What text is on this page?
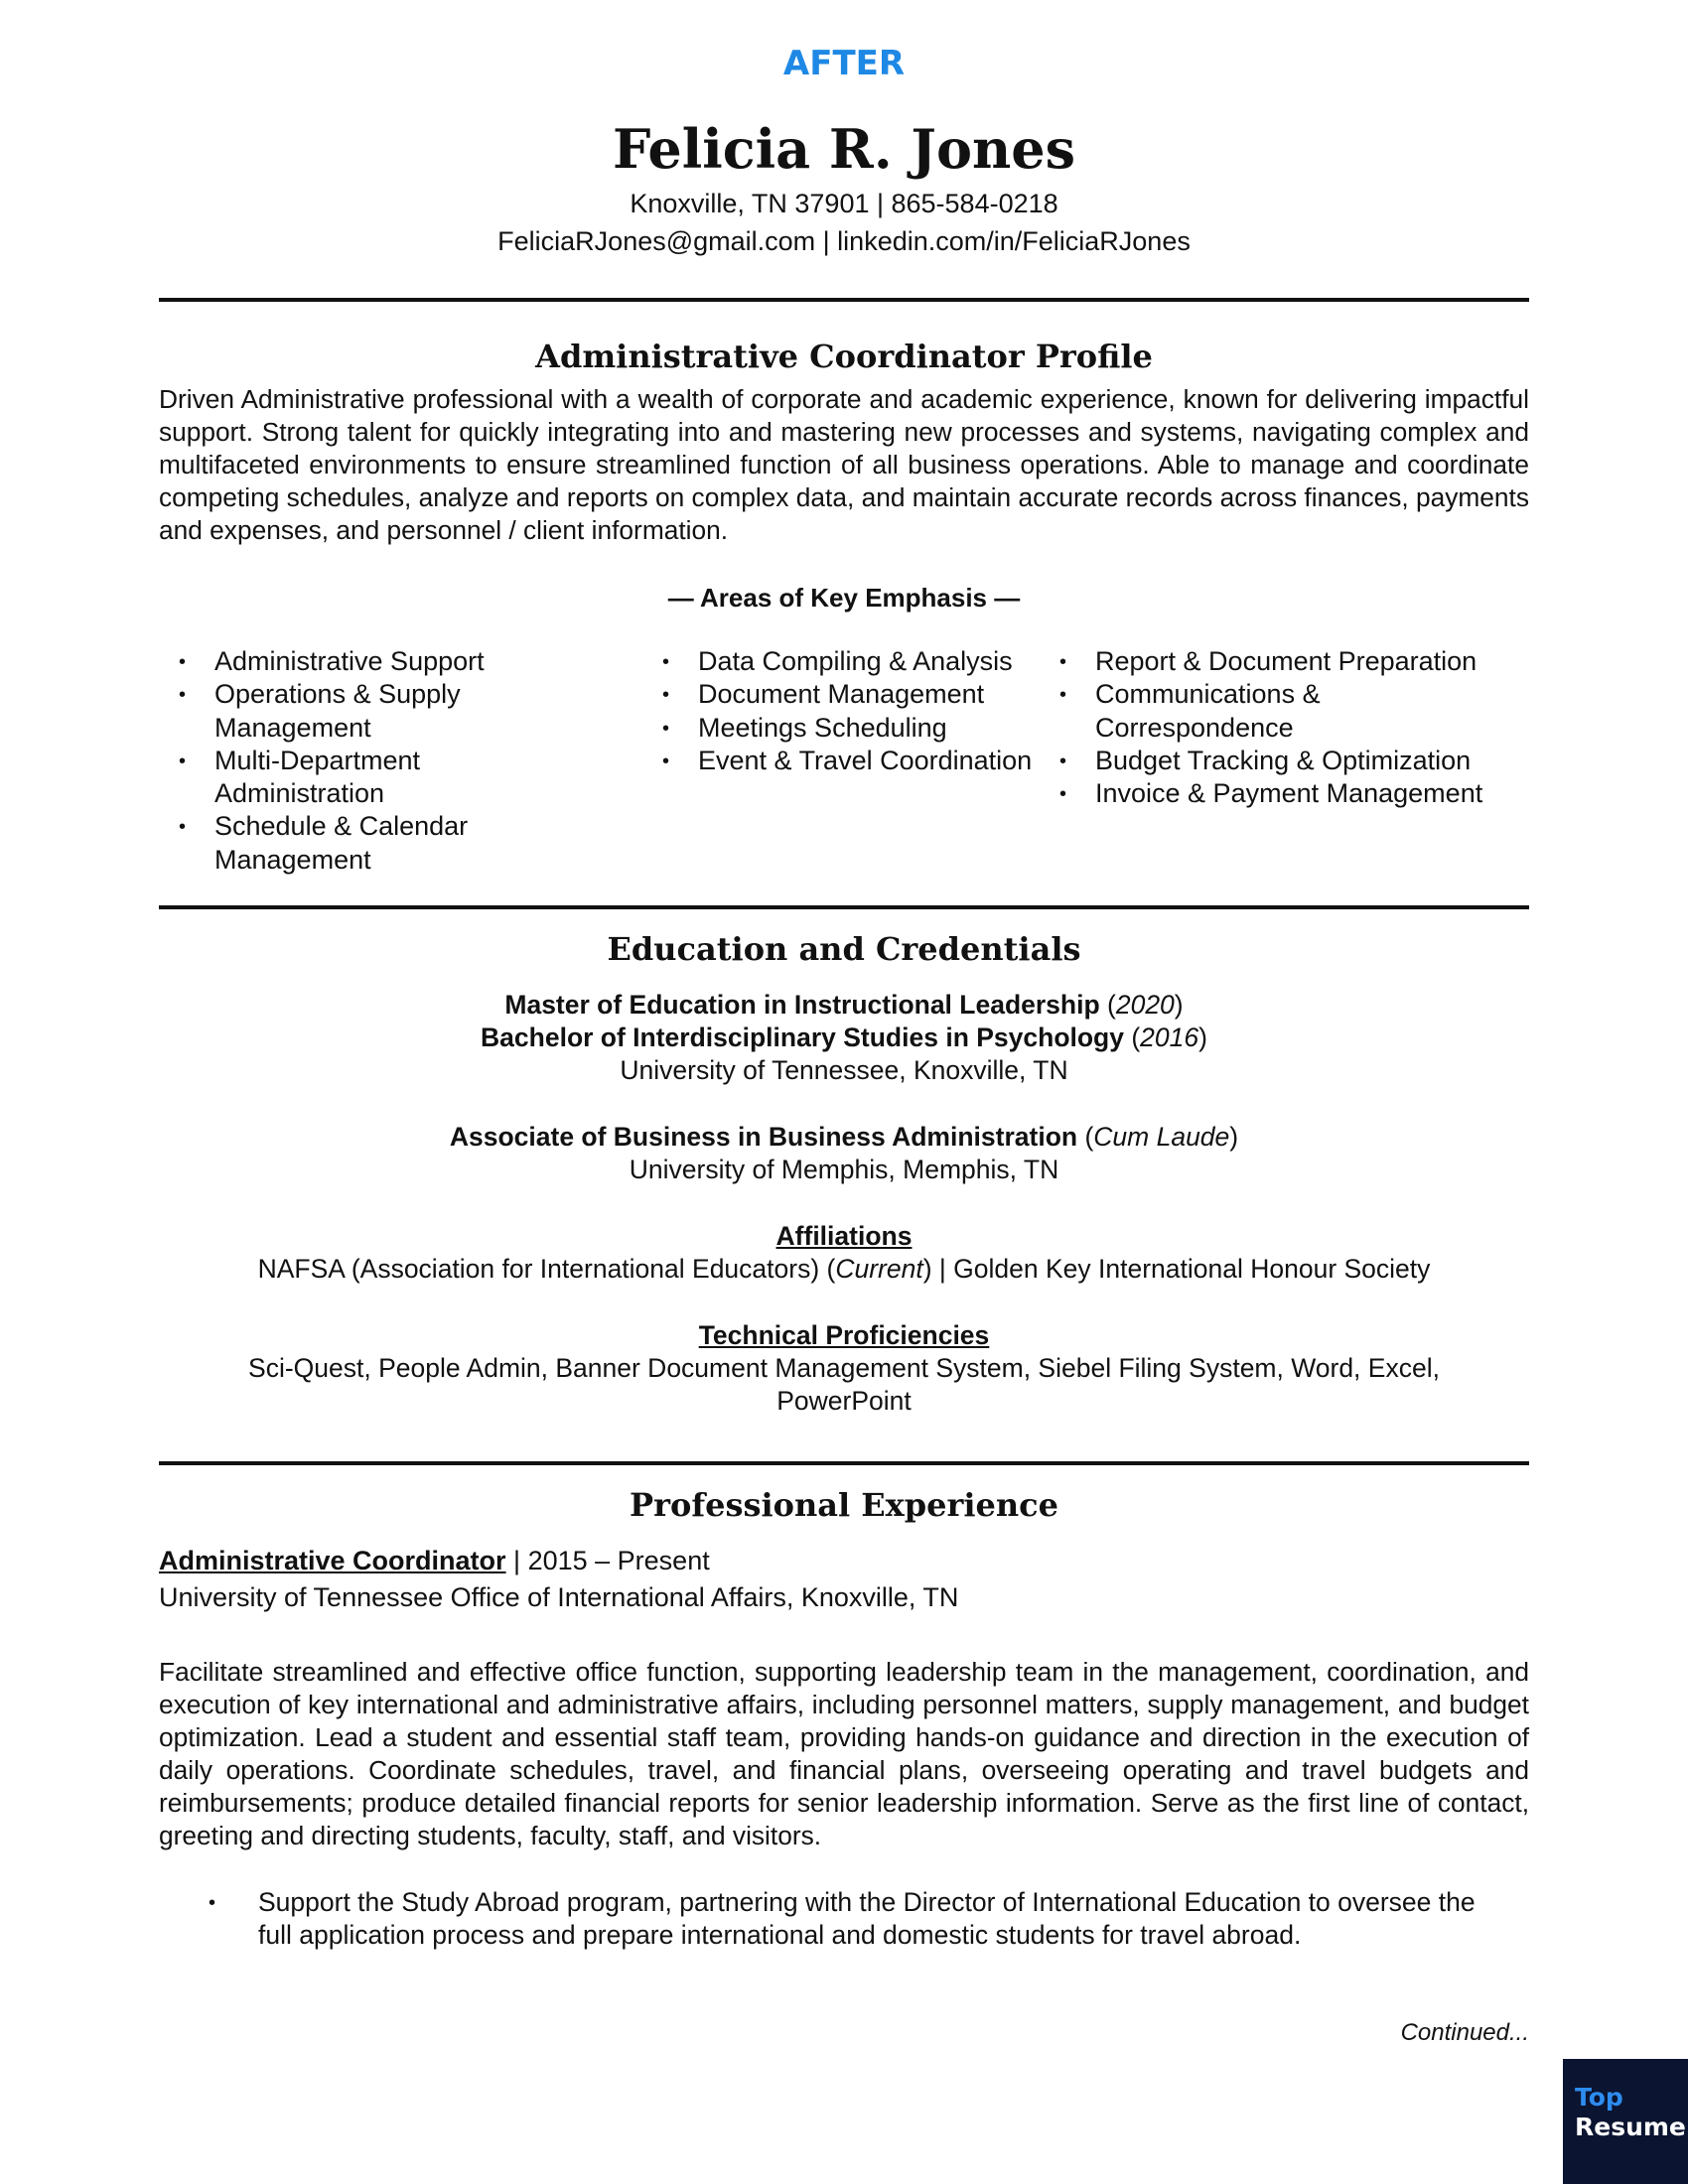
AFTER
Felicia R. Jones
Knoxville, TN 37901 | 865-584-0218
FeliciaRJones@gmail.com | linkedin.com/in/FeliciaRJones
Administrative Coordinator Profile
Driven Administrative professional with a wealth of corporate and academic experience, known for delivering impactful support. Strong talent for quickly integrating into and mastering new processes and systems, navigating complex and multifaceted environments to ensure streamlined function of all business operations. Able to manage and coordinate competing schedules, analyze and reports on complex data, and maintain accurate records across finances, payments and expenses, and personnel / client information.
— Areas of Key Emphasis —
• Administrative Support
• Operations & Supply Management
• Multi-Department Administration
• Schedule & Calendar Management
• Data Compiling & Analysis
• Document Management
• Meetings Scheduling
• Event & Travel Coordination
• Report & Document Preparation
• Communications & Correspondence
• Budget Tracking & Optimization
• Invoice & Payment Management
Education and Credentials
Master of Education in Instructional Leadership (2020)
Bachelor of Interdisciplinary Studies in Psychology (2016)
University of Tennessee, Knoxville, TN
Associate of Business in Business Administration (Cum Laude)
University of Memphis, Memphis, TN
Affiliations
NAFSA (Association for International Educators) (Current) | Golden Key International Honour Society
Technical Proficiencies
Sci-Quest, People Admin, Banner Document Management System, Siebel Filing System, Word, Excel,
PowerPoint
Professional Experience
Administrative Coordinator | 2015 – Present
University of Tennessee Office of International Affairs, Knoxville, TN
Facilitate streamlined and effective office function, supporting leadership team in the management, coordination, and execution of key international and administrative affairs, including personnel matters, supply management, and budget optimization. Lead a student and essential staff team, providing hands-on guidance and direction in the execution of daily operations. Coordinate schedules, travel, and financial plans, overseeing operating and travel budgets and reimbursements; produce detailed financial reports for senior leadership information. Serve as the first line of contact, greeting and directing students, faculty, staff, and visitors.
• Support the Study Abroad program, partnering with the Director of International Education to oversee the full application process and prepare international and domestic students for travel abroad.
Continued...
Top
Resume
